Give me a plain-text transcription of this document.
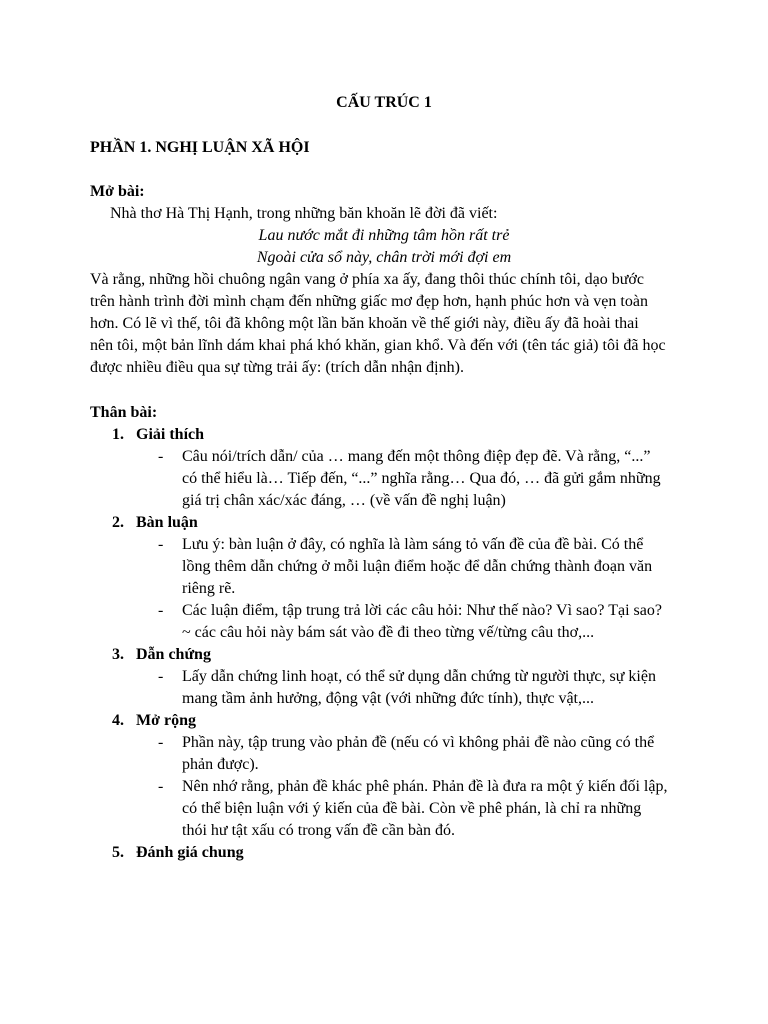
CẤU TRÚC 1
PHẦN 1. NGHỊ LUẬN XÃ HỘI
Mở bài:
Nhà thơ Hà Thị Hạnh, trong những băn khoăn lẽ đời đã viết:
Lau nước mắt đi những tâm hồn rất trẻ
Ngoài cửa sổ này, chân trời mới đợi em
Và rằng, những hồi chuông ngân vang ở phía xa ấy, đang thôi thúc chính tôi, dạo bước
trên hành trình đời mình chạm đến những giấc mơ đẹp hơn, hạnh phúc hơn và vẹn toàn
hơn. Có lẽ vì thế, tôi đã không một lần băn khoăn về thế giới này, điều ấy đã hoài thai
nên tôi, một bản lĩnh dám khai phá khó khăn, gian khổ. Và đến với (tên tác giả) tôi đã học
được nhiều điều qua sự từng trải ấy: (trích dẫn nhận định).
Thân bài:
1. Giải thích
- Câu nói/trích dẫn/ của … mang đến một thông điệp đẹp đẽ. Và rằng, “...”
có thể hiểu là… Tiếp đến, “...” nghĩa rằng… Qua đó, … đã gửi gắm những
giá trị chân xác/xác đáng, … (về vấn đề nghị luận)
2. Bàn luận
- Lưu ý: bàn luận ở đây, có nghĩa là làm sáng tỏ vấn đề của đề bài. Có thể
lồng thêm dẫn chứng ở mỗi luận điểm hoặc để dẫn chứng thành đoạn văn
riêng rẽ.
- Các luận điểm, tập trung trả lời các câu hỏi: Như thế nào? Vì sao? Tại sao?
~ các câu hỏi này bám sát vào đề đi theo từng vế/từng câu thơ,...
3. Dẫn chứng
- Lấy dẫn chứng linh hoạt, có thể sử dụng dẫn chứng từ người thực, sự kiện
mang tầm ảnh hưởng, động vật (với những đức tính), thực vật,...
4. Mở rộng
- Phần này, tập trung vào phản đề (nếu có vì không phải đề nào cũng có thể
phản được).
- Nên nhớ rằng, phản đề khác phê phán. Phản đề là đưa ra một ý kiến đối lập,
có thể biện luận với ý kiến của đề bài. Còn về phê phán, là chỉ ra những
thói hư tật xấu có trong vấn đề cần bàn đó.
5. Đánh giá chung
